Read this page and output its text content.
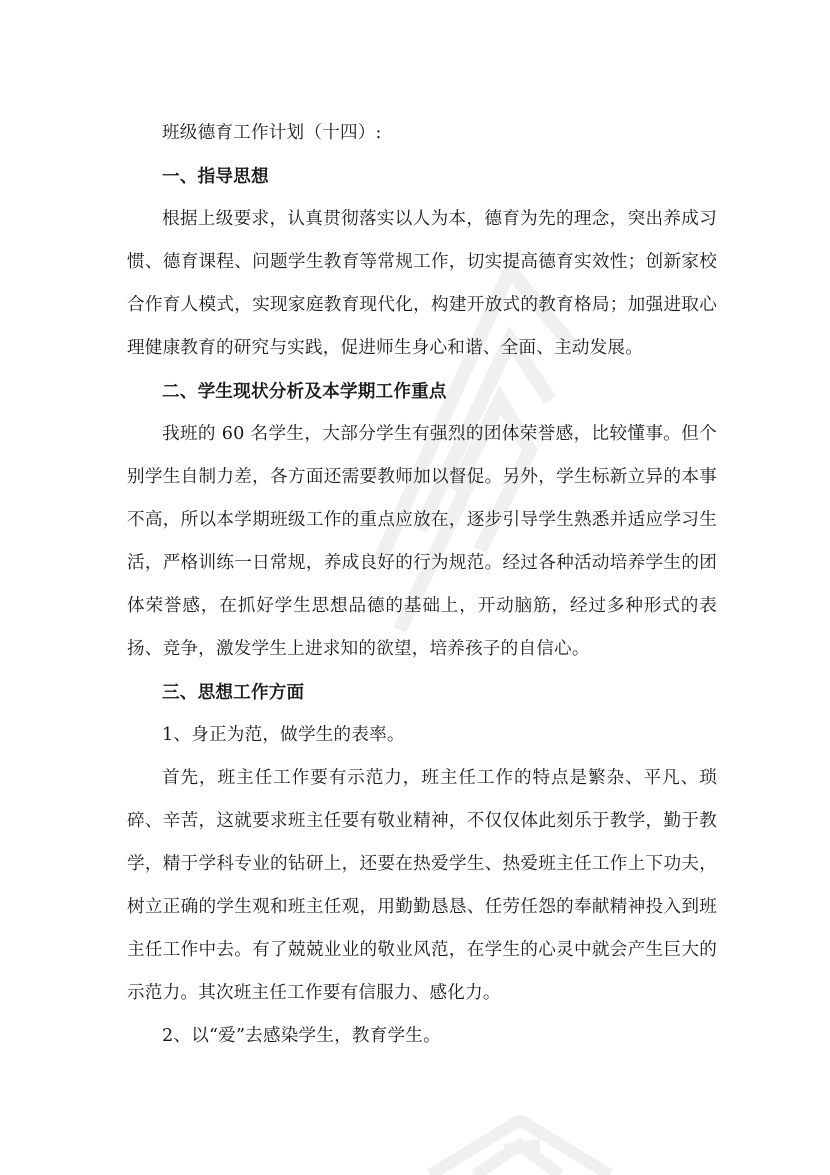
班级德育工作计划（十四）:

一、指导思想

根据上级要求，认真贯彻落实以人为本，德育为先的理念，突出养成习惯、德育课程、问题学生教育等常规工作，切实提高德育实效性；创新家校合作育人模式，实现家庭教育现代化，构建开放式的教育格局；加强进取心理健康教育的研究与实践，促进师生身心和谐、全面、主动发展。

二、学生现状分析及本学期工作重点

我班的 60 名学生，大部分学生有强烈的团体荣誉感，比较懂事。但个别学生自制力差，各方面还需要教师加以督促。另外，学生标新立异的本事不高，所以本学期班级工作的重点应放在，逐步引导学生熟悉并适应学习生活，严格训练一日常规，养成良好的行为规范。经过各种活动培养学生的团体荣誉感，在抓好学生思想品德的基础上，开动脑筋，经过多种形式的表扬、竞争，激发学生上进求知的欲望，培养孩子的自信心。

三、思想工作方面

1、身正为范，做学生的表率。

首先，班主任工作要有示范力，班主任工作的特点是繁杂、平凡、琐碎、辛苦，这就要求班主任要有敬业精神，不仅仅体此刻乐于教学，勤于教学，精于学科专业的钻研上，还要在热爱学生、热爱班主任工作上下功夫，树立正确的学生观和班主任观，用勤勤恳恳、任劳任怨的奉献精神投入到班主任工作中去。有了兢兢业业的敬业风范，在学生的心灵中就会产生巨大的示范力。其次班主任工作要有信服力、感化力。

2、以“爱”去感染学生，教育学生。
